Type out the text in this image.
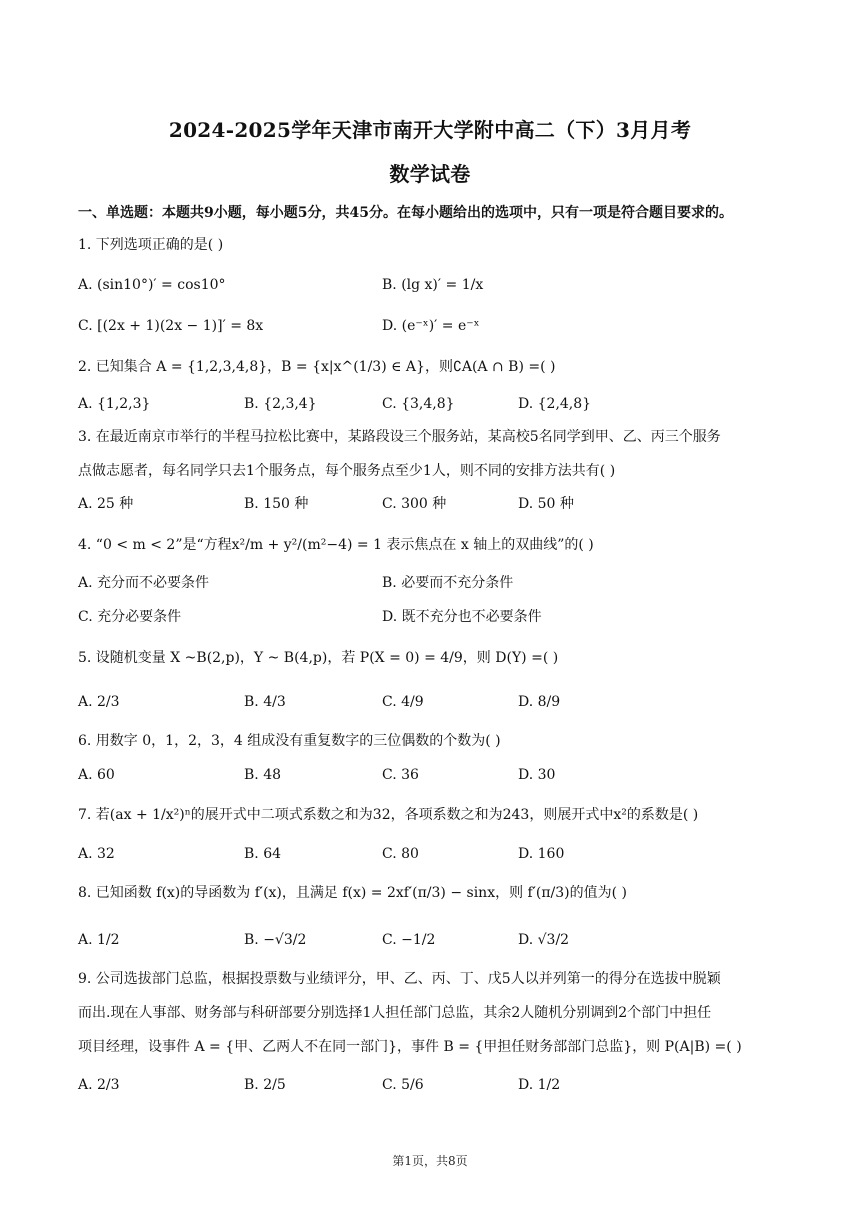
2024-2025学年天津市南开大学附中高二（下）3月月考
数学试卷
一、单选题：本题共9小题，每小题5分，共45分。在每小题给出的选项中，只有一项是符合题目要求的。
1. 下列选项正确的是( )
A. (sin10°)′ = cos10°	B. (lg x)′ = 1/x
C. [(2x + 1)(2x − 1)]′ = 8x	D. (e⁻ˣ)′ = e⁻ˣ
2. 已知集合 A = {1,2,3,4,8}，B = {x|x^(1/3) ∈ A}，则∁A(A ∩ B) =( )
A. {1,2,3}	B. {2,3,4}	C. {3,4,8}	D. {2,4,8}
3. 在最近南京市举行的半程马拉松比赛中，某路段设三个服务站，某高校5名同学到甲、乙、丙三个服务
点做志愿者，每名同学只去1个服务点，每个服务点至少1人，则不同的安排方法共有( )
A. 25 种	B. 150 种	C. 300 种	D. 50 种
4. “0 < m < 2”是“方程x²/m + y²/(m²−4) = 1 表示焦点在 x 轴上的双曲线”的( )
A. 充分而不必要条件	B. 必要而不充分条件
C. 充分必要条件	D. 既不充分也不必要条件
5. 设随机变量 X ~B(2,p)，Y ~ B(4,p)，若 P(X = 0) = 4/9，则 D(Y) =( )
A. 2/3	B. 4/3	C. 4/9	D. 8/9
6. 用数字 0，1，2，3，4 组成没有重复数字的三位偶数的个数为( )
A. 60	B. 48	C. 36	D. 30
7. 若(ax + 1/x²)ⁿ的展开式中二项式系数之和为32，各项系数之和为243，则展开式中x²的系数是( )
A. 32	B. 64	C. 80	D. 160
8. 已知函数 f(x)的导函数为 f′(x)，且满足 f(x) = 2xf′(π/3) − sinx，则 f′(π/3)的值为( )
A. 1/2	B. −√3/2	C. −1/2	D. √3/2
9. 公司选拔部门总监，根据投票数与业绩评分，甲、乙、丙、丁、戊5人以并列第一的得分在选拔中脱颖
而出.现在人事部、财务部与科研部要分别选择1人担任部门总监，其余2人随机分别调到2个部门中担任
项目经理，设事件 A = {甲、乙两人不在同一部门}，事件 B = {甲担任财务部部门总监}，则 P(A|B) =( )
A. 2/3	B. 2/5	C. 5/6	D. 1/2
第1页，共8页
